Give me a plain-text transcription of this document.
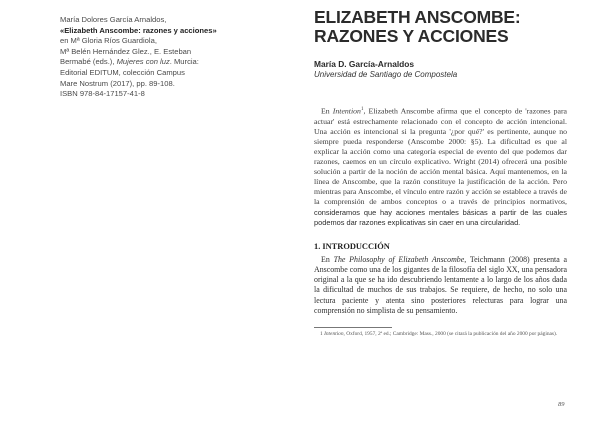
María Dolores García Arnaldos,
«Elizabeth Anscombe: razones y acciones»
en Mª Gloria Ríos Guardiola,
Mª Belén Hernández Glez., E. Esteban
Bermabé (eds.), Mujeres con luz. Murcia:
Editorial EDITUM, colección Campus
Mare Nostrum (2017), pp. 89-108.
ISBN 978-84-17157-41-8
ELIZABETH ANSCOMBE:
RAZONES Y ACCIONES
María D. García-Arnaldos
Universidad de Santiago de Compostela

En Intention$^1$, Elizabeth Anscombe afirma que el concepto de 'razones para actuar' está estrechamente relacionado con el concepto de acción intencional. Una acción es intencional si la pregunta '¿por qué?' es pertinente, aunque no siempre pueda responderse (Anscombe 2000: §5). La dificultad es que al explicar la acción como una categoría especial de evento del que podemos dar razones, caemos en un círculo explicativo. Wright (2014) ofrecerá una posible solución a partir de la noción de acción mental básica. Aquí mantenemos, en la línea de Anscombe, que la razón constituye la justificación de la acción. Pero mientras para Anscombe, el vínculo entre razón y acción se establece a través de la comprensión de ambos conceptos o a través de principios normativos, consideramos que hay acciones mentales básicas a partir de las cuales podemos dar razones explicativas sin caer en una circularidad.

1. INTRODUCCIÓN

En The Philosophy of Elizabeth Anscombe, Teichmann (2008) presenta a Anscombe como una de los gigantes de la filosofía del siglo XX, una pensadora original a la que se ha ido descubriendo lentamente a lo largo de los años dada la dificultad de muchos de sus trabajos. Se requiere, de hecho, no solo una lectura paciente y atenta sino posteriores relecturas para lograr una comprensión no simplista de su pensamiento.

1 Intention, Oxford, 1957, 2ª ed.; Cambridge: Mass., 2000 (se citará la publicación del año 2000 por páginas).

89
